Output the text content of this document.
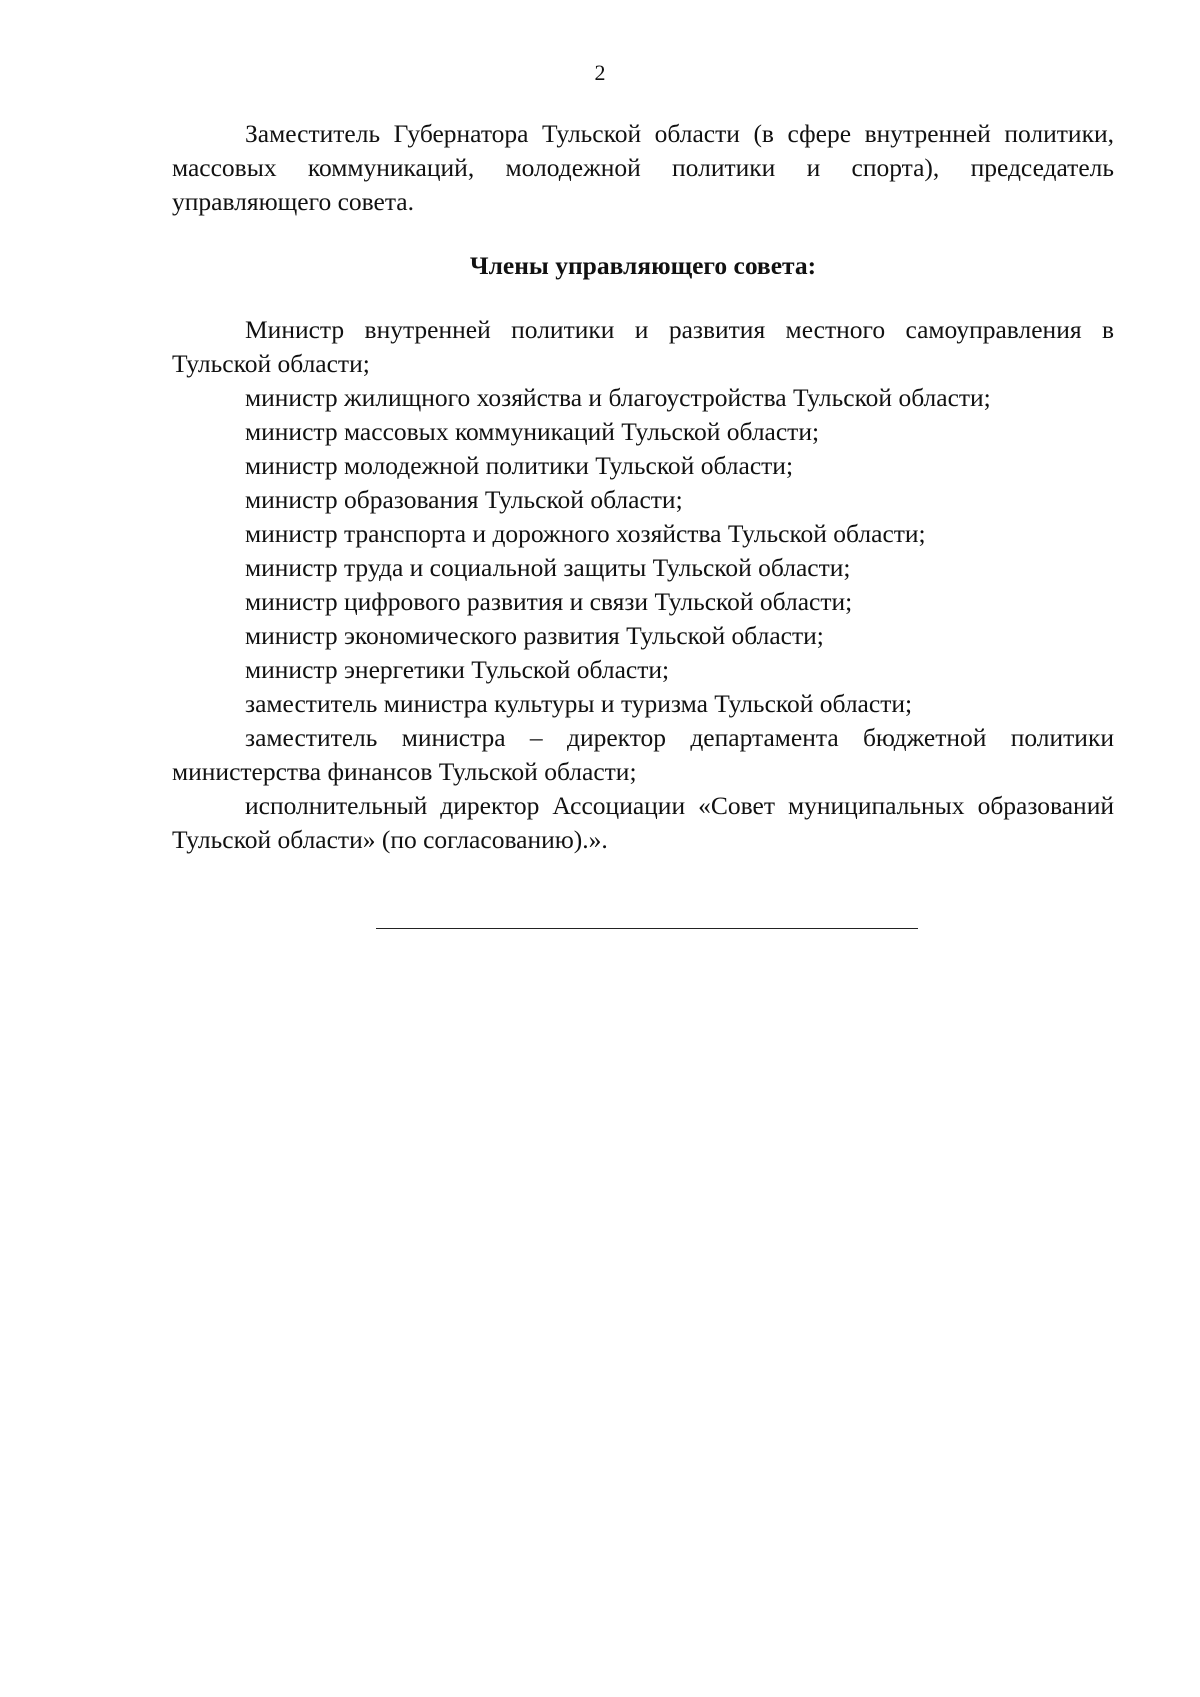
2

Заместитель Губернатора Тульской области (в сфере внутренней политики, массовых коммуникаций, молодежной политики и спорта), председатель управляющего совета.

Члены управляющего совета:
Министр внутренней политики и развития местного самоуправления в Тульской области;
министр жилищного хозяйства и благоустройства Тульской области;
министр массовых коммуникаций Тульской области;
министр молодежной политики Тульской области;
министр образования Тульской области;
министр транспорта и дорожного хозяйства Тульской области;
министр труда и социальной защиты Тульской области;
министр цифрового развития и связи Тульской области;
министр экономического развития Тульской области;
министр энергетики Тульской области;
заместитель министра культуры и туризма Тульской области;
заместитель министра – директор департамента бюджетной политики министерства финансов Тульской области;
исполнительный директор Ассоциации «Совет муниципальных образований Тульской области» (по согласованию).».
